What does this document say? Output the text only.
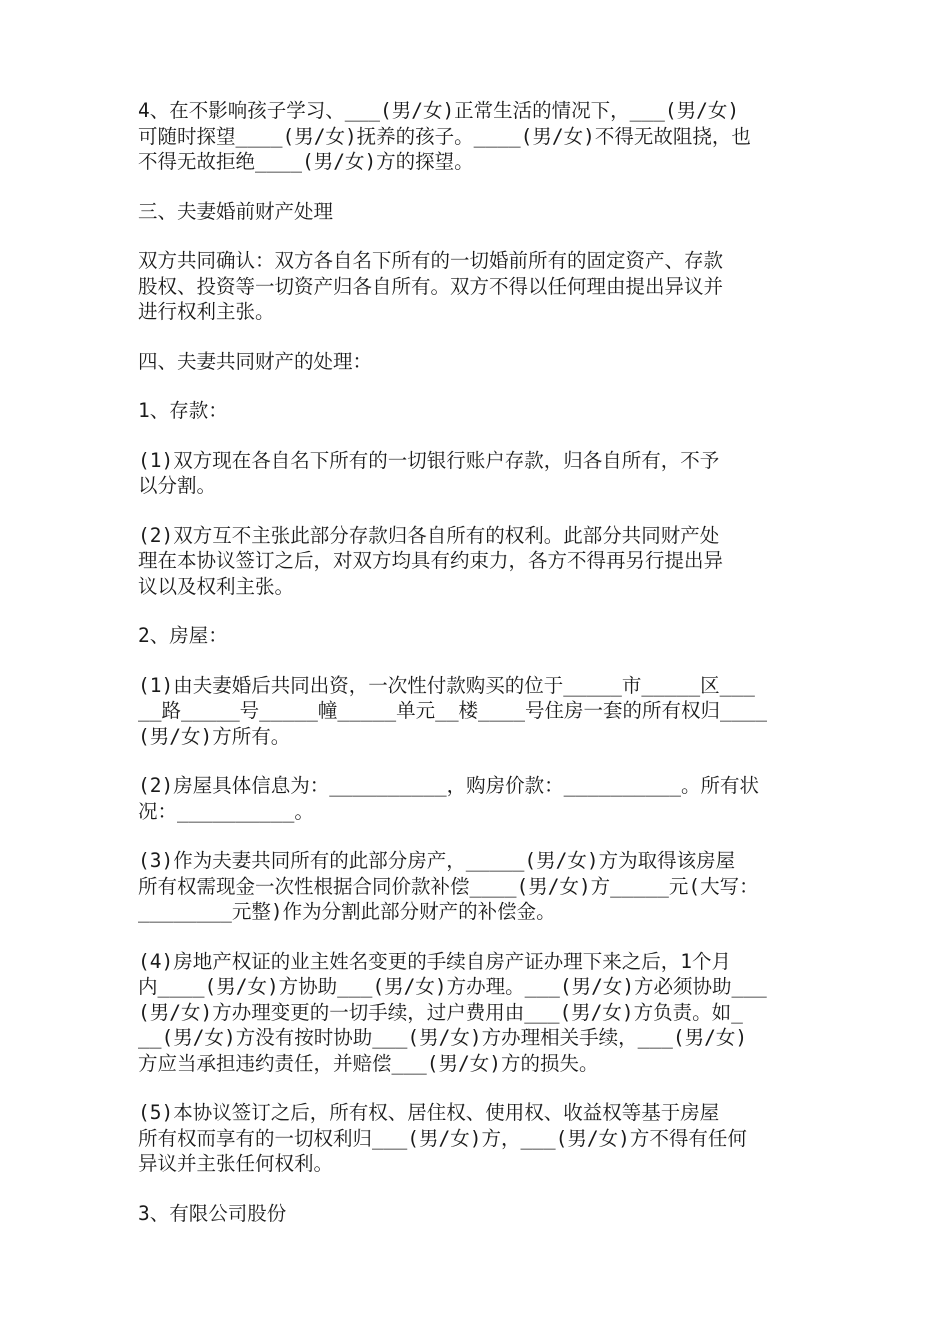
4、在不影响孩子学习、___(男/女)正常生活的情况下，___(男/女)
可随时探望____(男/女)抚养的孩子。____(男/女)不得无故阻挠，也
不得无故拒绝____(男/女)方的探望。
三、夫妻婚前财产处理
双方共同确认：双方各自名下所有的一切婚前所有的固定资产、存款
股权、投资等一切资产归各自所有。双方不得以任何理由提出异议并
进行权利主张。
四、夫妻共同财产的处理：
1、存款：
(1)双方现在各自名下所有的一切银行账户存款，归各自所有，不予
以分割。
(2)双方互不主张此部分存款归各自所有的权利。此部分共同财产处
理在本协议签订之后，对双方均具有约束力，各方不得再另行提出异
议以及权利主张。
2、房屋：
(1)由夫妻婚后共同出资，一次性付款购买的位于_____市_____区___
__路_____号_____幢_____单元__楼____号住房一套的所有权归____
(男/女)方所有。
(2)房屋具体信息为：__________，购房价款：__________。所有状
况：__________。
(3)作为夫妻共同所有的此部分房产，_____(男/女)方为取得该房屋
所有权需现金一次性根据合同价款补偿____(男/女)方_____元(大写：
________元整)作为分割此部分财产的补偿金。
(4)房地产权证的业主姓名变更的手续自房产证办理下来之后，1个月
内____(男/女)方协助___(男/女)方办理。___(男/女)方必须协助___
(男/女)方办理变更的一切手续，过户费用由___(男/女)方负责。如_
__(男/女)方没有按时协助___(男/女)方办理相关手续，___(男/女)
方应当承担违约责任，并赔偿___(男/女)方的损失。
(5)本协议签订之后，所有权、居住权、使用权、收益权等基于房屋
所有权而享有的一切权利归___(男/女)方，___(男/女)方不得有任何
异议并主张任何权利。
3、有限公司股份
